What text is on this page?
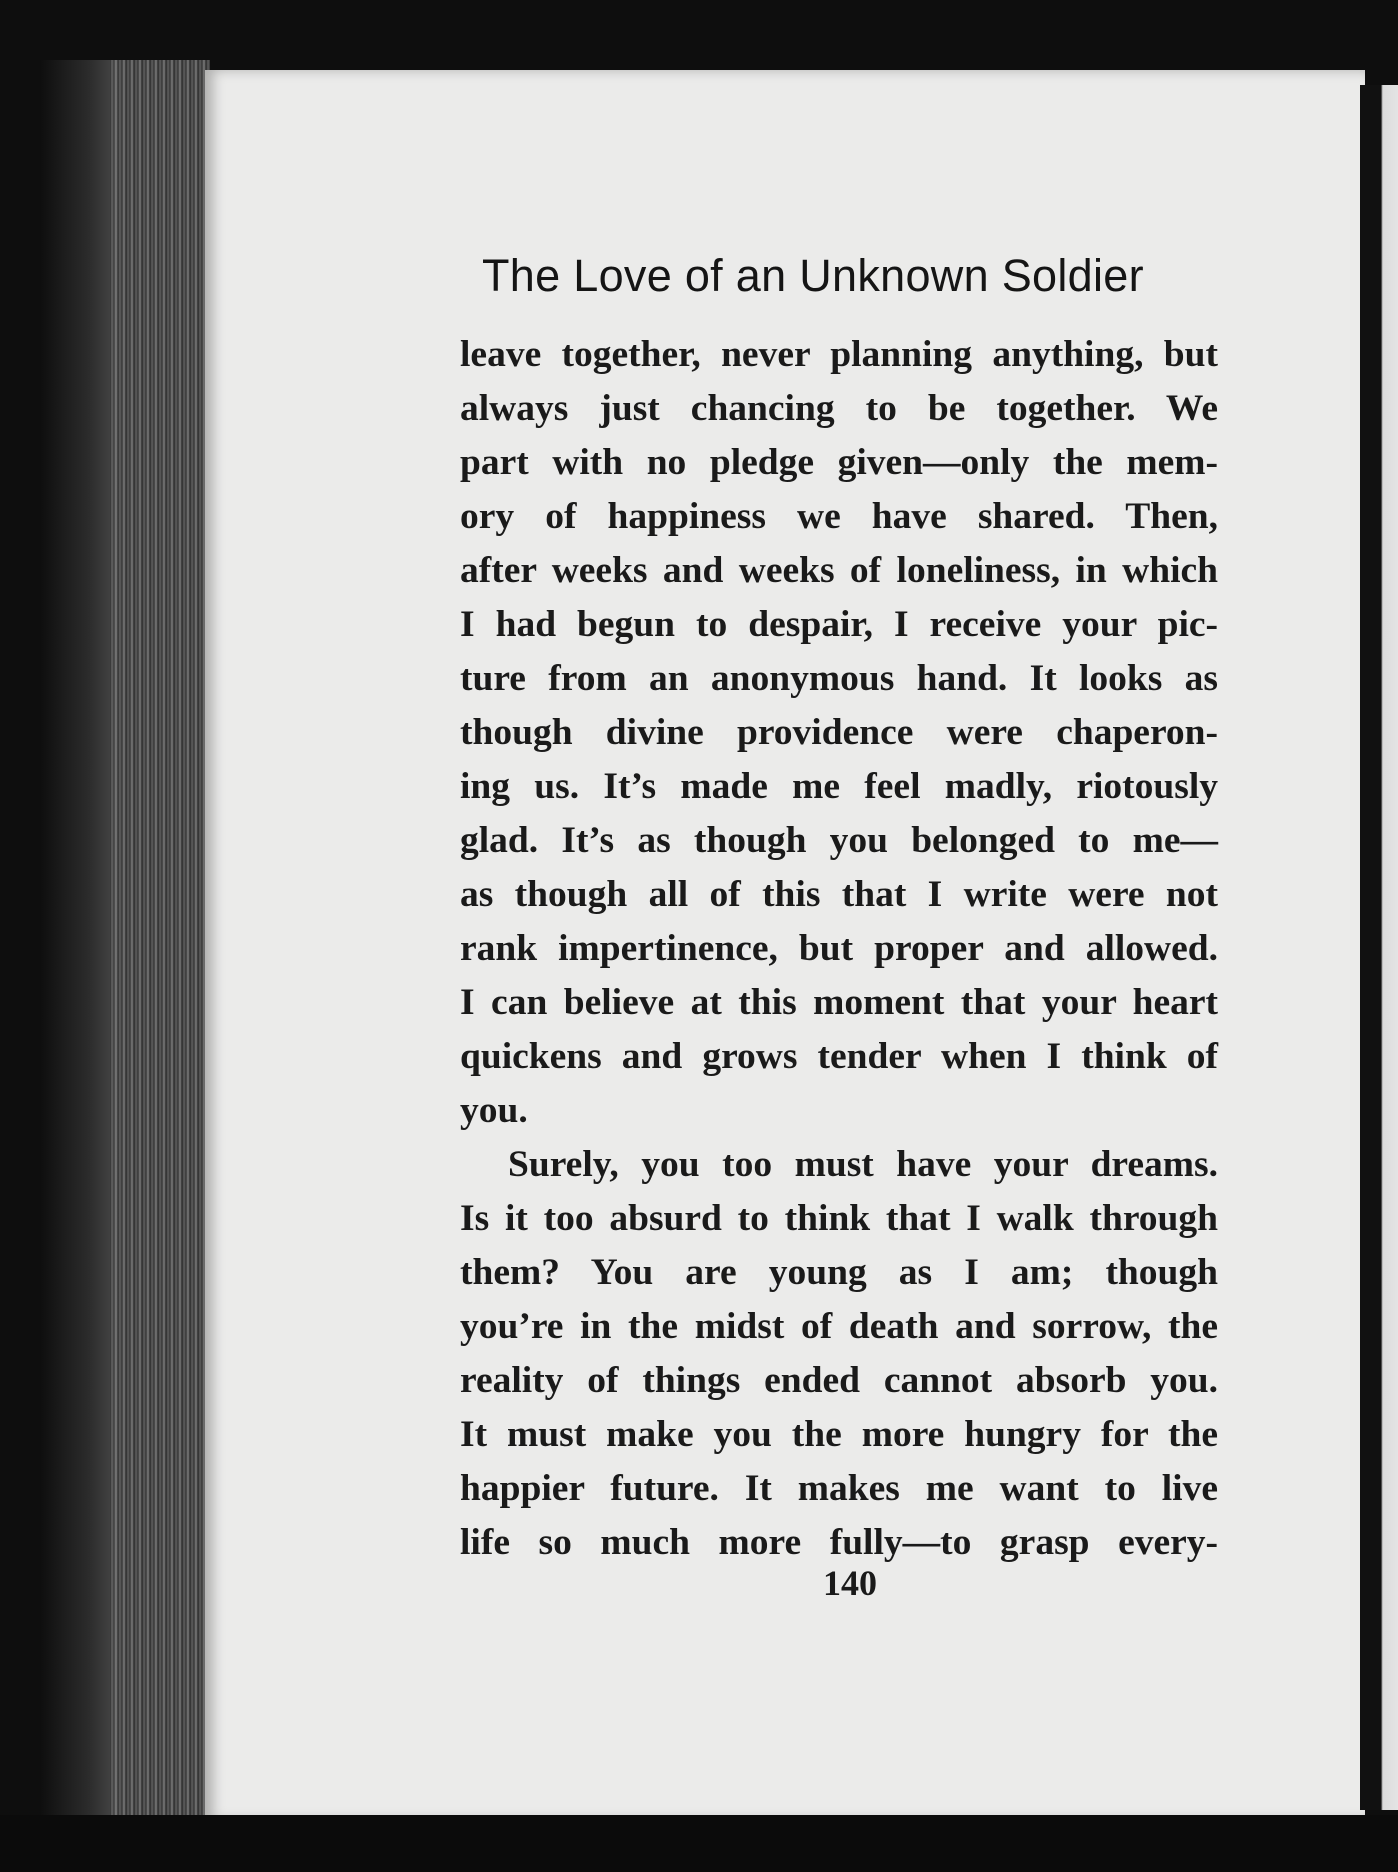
The Love of an Unknown Soldier
leave together, never planning anything, but
always just chancing to be together. We
part with no pledge given—only the mem-
ory of happiness we have shared. Then,
after weeks and weeks of loneliness, in which
I had begun to despair, I receive your pic-
ture from an anonymous hand. It looks as
though divine providence were chaperon-
ing us. It’s made me feel madly, riotously
glad. It’s as though you belonged to me—
as though all of this that I write were not
rank impertinence, but proper and allowed.
I can believe at this moment that your heart
quickens and grows tender when I think of
you.
Surely, you too must have your dreams.
Is it too absurd to think that I walk through
them? You are young as I am; though
you’re in the midst of death and sorrow, the
reality of things ended cannot absorb you.
It must make you the more hungry for the
happier future. It makes me want to live
life so much more fully—to grasp every-
140
